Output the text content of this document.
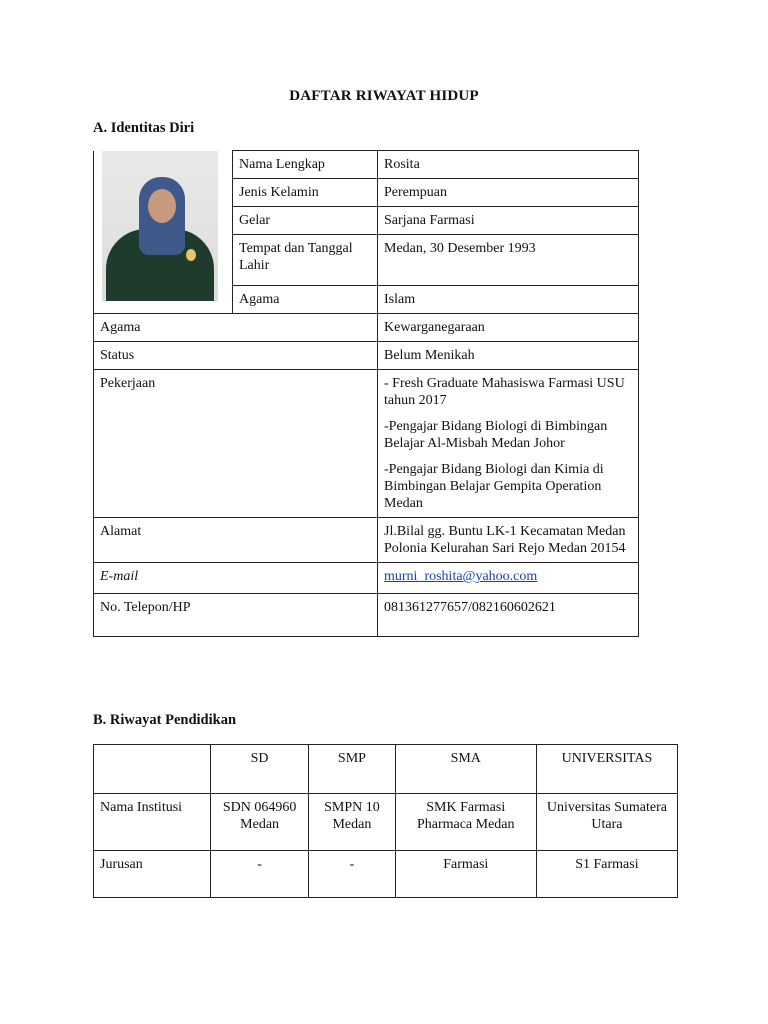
DAFTAR RIWAYAT HIDUP
A. Identitas Diri
	Nama Lengkap	Rosita
	Jenis Kelamin	Perempuan
	Gelar	Sarjana Farmasi
	Tempat dan Tanggal Lahir	Medan, 30 Desember 1993
	Agama	Islam
Agama		Kewarganegaraan
Status		Belum Menikah
Pekerjaan		- Fresh Graduate Mahasiswa Farmasi USU tahun 2017

-Pengajar Bidang Biologi di Bimbingan Belajar Al-Misbah Medan Johor

-Pengajar Bidang Biologi dan Kimia di Bimbingan Belajar Gempita Operation Medan

Alamat		Jl.Bilal gg. Buntu LK-1 Kecamatan Medan Polonia Kelurahan Sari Rejo Medan 20154
E-mail		murni_roshita@yahoo.com
No. Telepon/HP		081361277657/082160602621
B. Riwayat Pendidikan
	SD	SMP	SMA	UNIVERSITAS
Nama Institusi	SDN 064960 Medan	SMPN 10 Medan	SMK Farmasi Pharmaca Medan	Universitas Sumatera Utara
Jurusan	-	-	Farmasi	S1 Farmasi
